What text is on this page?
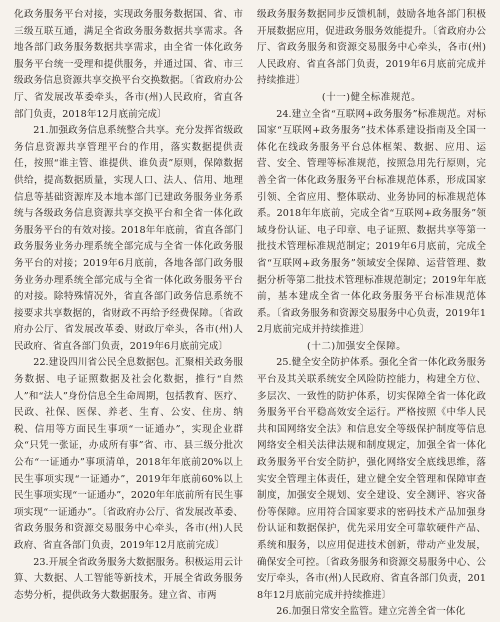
化政务服务平台对接，实现政务服务数据国、省、市三级互联互通，满足全省政务服务数据共享需求。各地各部门政务服务数据共享需求，由全省一体化政务服务平台统一受理和提供服务，并通过国、省、市三级政务信息资源共享交换平台交换数据。〔省政府办公厅、省发展改革委牵头，各市(州)人民政府，省直各部门负责，2018年12月底前完成〕

21.加强政务信息系统整合共享。充分发挥省级政务信息资源共享管理平台的作用，落实数据提供责任，按照“谁主管、谁提供、谁负责”原则，保障数据供给，提高数据质量，实现人口、法人、信用、地理信息等基础资源库及本地本部门已建政务服务业务系统与各级政务信息资源共享交换平台和全省一体化政务服务平台的有效对接。2018年年底前，省直各部门政务服务业务办理系统全部完成与全省一体化政务服务平台的对接；2019年6月底前，各地各部门政务服务业务办理系统全部完成与全省一体化政务服务平台的对接。除特殊情况外，省直各部门政务信息系统不接要求共享数据的，省财政不再给予经费保障。〔省政府办公厅、省发展改革委、财政厅牵头，各市(州)人民政府、省直各部门负责，2019年6月底前完成〕

22.建设四川省公民全息数据包。汇聚相关政务服务数据、电子证照数据及社会化数据，推行“自然人”和“法人”身份信息全生命周期，包括教育、医疗、民政、社保、医保、养老、生育、公安、住房、纳税、信用等方面民生事项“一证通办”，实现企业群众“只凭一张证，办成所有事”省、市、县三级分批次公布“一证通办”事项清单，2018年年底前20%以上民生事项实现“一证通办”，2019年年底前60%以上民生事项实现“一证通办”，2020年年底前所有民生事项实现“一证通办”。〔省政府办公厅、省发展改革委、省政务服务和资源交易服务中心牵头，各市(州)人民政府、省直各部门负责，2019年12月底前完成〕

23.开展全省政务服务大数据服务。积极运用云计算、大数据、人工智能等新技术，开展全省政务服务态势分析，提供政务大数据服务。建立省、市两

级政务服务数据同步反馈机制，鼓励各地各部门积极开展数据应用，促进政务服务效能提升。〔省政府办公厅、省政务服务和资源交易服务中心牵头，各市(州)人民政府、省直各部门负责，2019年6月底前完成并持续推进〕

(十一)健全标准规范。

24.建立全省“互联网+政务服务”标准规范。对标国家“互联网+政务服务”技术体系建设指南及全国一体化在线政务服务平台总体框架、数据、应用、运营、安全、管理等标准规范，按照急用先行原则，完善全省一体化政务服务平台标准规范体系，形成国家引领、全省应用、整体联动、业务协同的标准规范体系。2018年年底前，完成全省“互联网+政务服务”领域身份认证、电子印章、电子证照、数据共享等第一批技术管理标准规范制定；2019年6月底前，完成全省“互联网+政务服务”领域安全保障、运营管理、数据分析等第二批技术管理标准规范制定；2019年年底前，基本建成全省一体化政务服务平台标准规范体系。〔省政务服务和资源交易服务中心负责，2019年12月底前完成并持续推进〕

(十二)加强安全保障。

25.健全安全防护体系。强化全省一体化政务服务平台及其关联系统安全风险防控能力，构建全方位、多层次、一致性的防护体系，切实保障全省一体化政务服务平台平稳高效安全运行。严格按照《中华人民共和国网络安全法》和信息安全等级保护制度等信息网络安全相关法律法规和制度规定，加强全省一体化政务服务平台安全防护，强化网络安全底线思维，落实安全管理主体责任，建立健全安全管理和保障审查制度，加强安全规划、安全建设、安全测评、容灾备份等保障。应用符合国家要求的密码技术产品加强身份认证和数据保护，优先采用安全可靠软硬件产品、系统和服务，以应用促进技术创新，带动产业发展，确保安全可控。〔省政务服务和资源交易服务中心、公安厅牵头，各市(州)人民政府、省直各部门负责，2018年12月底前完成并持续推进〕

26.加强日常安全监管。建立完善全省一体化
